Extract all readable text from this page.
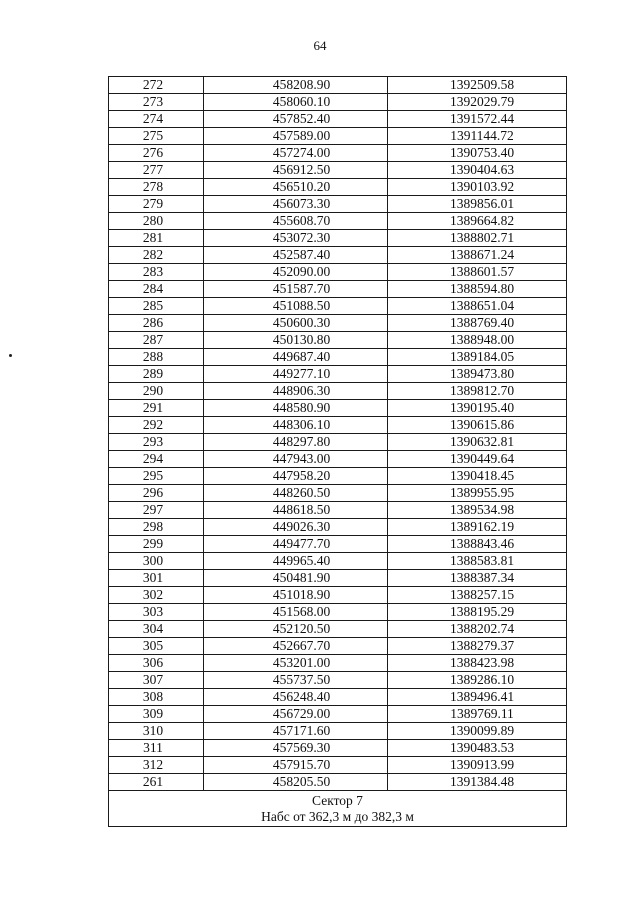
64
272	458208.90	1392509.58
273	458060.10	1392029.79
274	457852.40	1391572.44
275	457589.00	1391144.72
276	457274.00	1390753.40
277	456912.50	1390404.63
278	456510.20	1390103.92
279	456073.30	1389856.01
280	455608.70	1389664.82
281	453072.30	1388802.71
282	452587.40	1388671.24
283	452090.00	1388601.57
284	451587.70	1388594.80
285	451088.50	1388651.04
286	450600.30	1388769.40
287	450130.80	1388948.00
288	449687.40	1389184.05
289	449277.10	1389473.80
290	448906.30	1389812.70
291	448580.90	1390195.40
292	448306.10	1390615.86
293	448297.80	1390632.81
294	447943.00	1390449.64
295	447958.20	1390418.45
296	448260.50	1389955.95
297	448618.50	1389534.98
298	449026.30	1389162.19
299	449477.70	1388843.46
300	449965.40	1388583.81
301	450481.90	1388387.34
302	451018.90	1388257.15
303	451568.00	1388195.29
304	452120.50	1388202.74
305	452667.70	1388279.37
306	453201.00	1388423.98
307	455737.50	1389286.10
308	456248.40	1389496.41
309	456729.00	1389769.11
310	457171.60	1390099.89
311	457569.30	1390483.53
312	457915.70	1390913.99
261	458205.50	1391384.48

Сектор 7
Набс от 362,3 м до 382,3 м		
